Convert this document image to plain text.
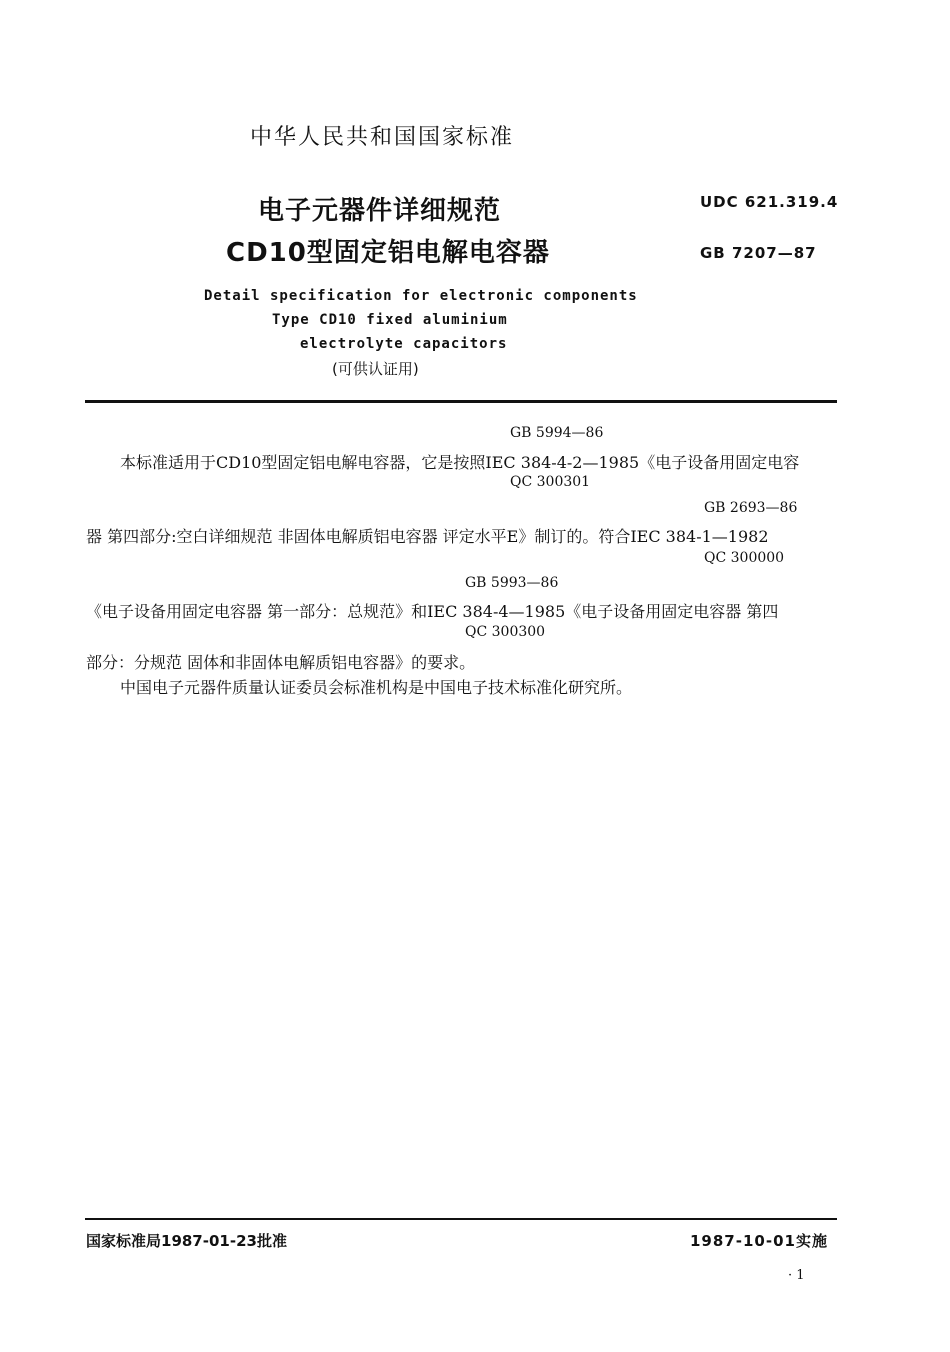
中华人民共和国国家标准
电子元器件详细规范
CD10型固定铝电解电容器
UDC 621.319.4
GB 7207—87
Detail specification for electronic components
Type CD10 fixed aluminium
electrolyte capacitors
(可供认证用)
GB 5994—86
本标准适用于CD10型固定铝电解电容器，它是按照IEC 384-4-2—1985《电子设备用固定电容
QC 300301
GB 2693—86
器 第四部分:空白详细规范 非固体电解质铝电容器 评定水平E》制订的。符合IEC 384-1—1982
QC 300000
GB 5993—86
《电子设备用固定电容器 第一部分：总规范》和IEC 384-4—1985《电子设备用固定电容器 第四
QC 300300
部分：分规范 固体和非固体电解质铝电容器》的要求。
中国电子元器件质量认证委员会标准机构是中国电子技术标准化研究所。
国家标准局1987-01-23批准	1987-10-01实施
· 1
